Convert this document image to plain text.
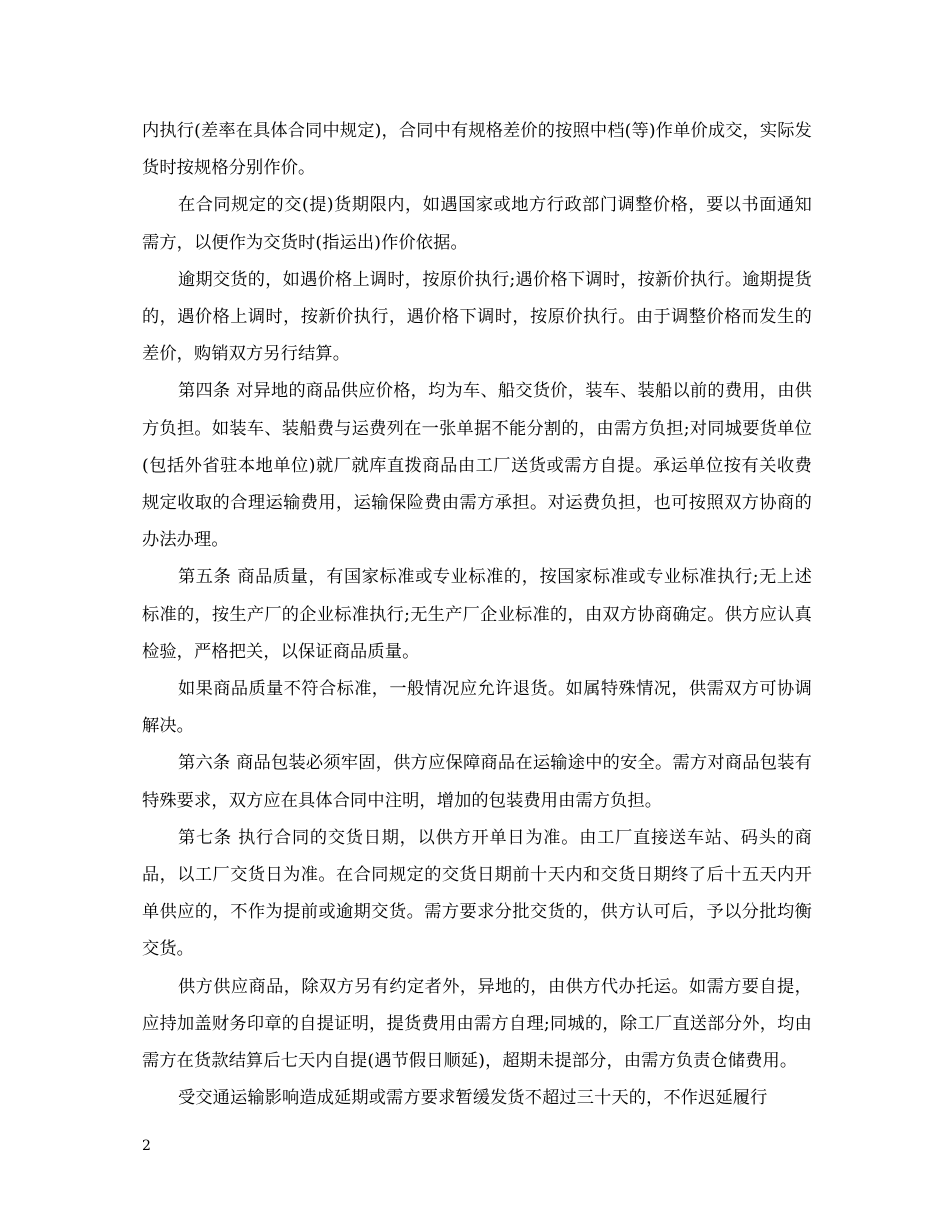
内执行(差率在具体合同中规定)，合同中有规格差价的按照中档(等)作单价成交，实际发货时按规格分别作价。

在合同规定的交(提)货期限内，如遇国家或地方行政部门调整价格，要以书面通知需方，以便作为交货时(指运出)作价依据。

逾期交货的，如遇价格上调时，按原价执行;遇价格下调时，按新价执行。逾期提货的，遇价格上调时，按新价执行，遇价格下调时，按原价执行。由于调整价格而发生的差价，购销双方另行结算。

第四条 对异地的商品供应价格，均为车、船交货价，装车、装船以前的费用，由供方负担。如装车、装船费与运费列在一张单据不能分割的，由需方负担;对同城要货单位(包括外省驻本地单位)就厂就库直拨商品由工厂送货或需方自提。承运单位按有关收费规定收取的合理运输费用，运输保险费由需方承担。对运费负担，也可按照双方协商的办法办理。

第五条 商品质量，有国家标准或专业标准的，按国家标准或专业标准执行;无上述标准的，按生产厂的企业标准执行;无生产厂企业标准的，由双方协商确定。供方应认真检验，严格把关，以保证商品质量。

如果商品质量不符合标准，一般情况应允许退货。如属特殊情况，供需双方可协调解决。

第六条 商品包装必须牢固，供方应保障商品在运输途中的安全。需方对商品包装有特殊要求，双方应在具体合同中注明，增加的包装费用由需方负担。

第七条 执行合同的交货日期，以供方开单日为准。由工厂直接送车站、码头的商品，以工厂交货日为准。在合同规定的交货日期前十天内和交货日期终了后十五天内开单供应的，不作为提前或逾期交货。需方要求分批交货的，供方认可后，予以分批均衡交货。

供方供应商品，除双方另有约定者外，异地的，由供方代办托运。如需方要自提，应持加盖财务印章的自提证明，提货费用由需方自理;同城的，除工厂直送部分外，均由需方在货款结算后七天内自提(遇节假日顺延)，超期未提部分，由需方负责仓储费用。

受交通运输影响造成延期或需方要求暂缓发货不超过三十天的，不作迟延履行

2
